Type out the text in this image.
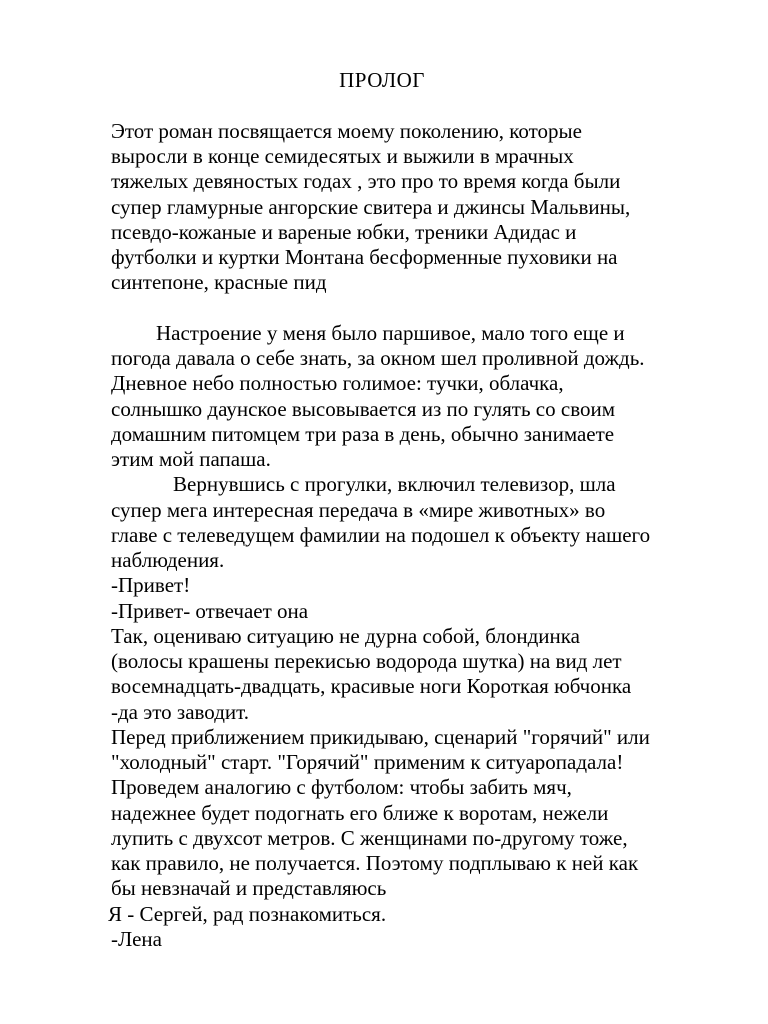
ПРОЛОГ
Этот роман посвящается моему поколению, которые
выросли в конце семидесятых и выжили в мрачных
тяжелых девяностых годах , это про то время когда были
супер гламурные ангорские свитера и джинсы Мальвины,
псевдо-кожаные и вареные юбки, треники Адидас и
футболки и куртки Монтана бесформенные пуховики на
синтепоне, красные пид
Настроение у меня было паршивое, мало того еще и
погода давала о себе знать, за окном шел проливной дождь.
Дневное небо полностью голимое: тучки, облачка,
солнышко даунское высовывается из по гулять со своим
домашним питомцем три раза в день, обычно занимаете
этим мой папаша.
Вернувшись с прогулки, включил телевизор, шла
супер мега интересная передача в «мире животных» во
главе с телеведущем фамилии на подошел к объекту нашего
наблюдения.
-Привет!
-Привет- отвечает она
Так, оцениваю ситуацию не дурна собой, блондинка
(волосы крашены перекисью водорода шутка) на вид лет
восемнадцать-двадцать, красивые ноги Короткая юбчонка
-да это заводит.
Перед приближением прикидываю, сценарий "горячий" или
"холодный" старт. "Горячий" применим к ситуаропадала!
Проведем аналогию с футболом: чтобы забить мяч,
надежнее будет подогнать его ближе к воротам, нежели
лупить с двухсот метров. С женщинами по-другому тоже,
как правило, не получается. Поэтому подплываю к ней как
бы невзначай и представляюсь
Я - Сергей, рад познакомиться.
-Лена
